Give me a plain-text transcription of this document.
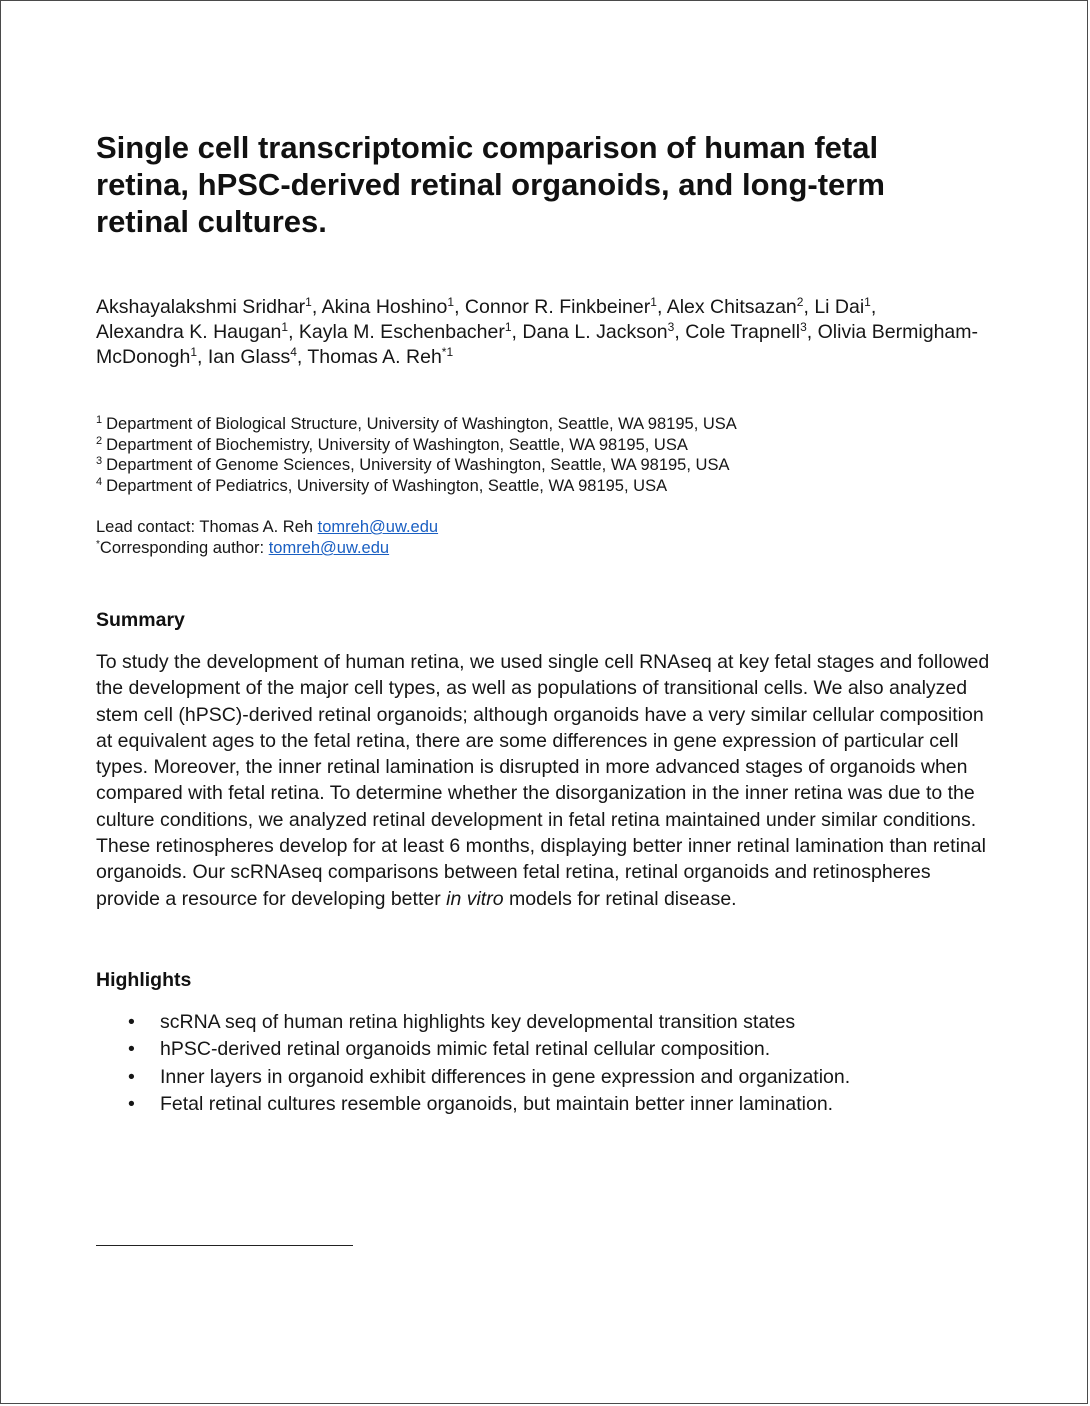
Single cell transcriptomic comparison of human fetal retina, hPSC-derived retinal organoids, and long-term retinal cultures.
Akshayalakshmi Sridhar$^1$, Akina Hoshino$^1$, Connor R. Finkbeiner$^1$, Alex Chitsazan$^2$, Li Dai$^1$,
Alexandra K. Haugan$^1$, Kayla M. Eschenbacher$^1$, Dana L. Jackson$^3$, Cole Trapnell$^3$, Olivia Bermigham-McDonogh$^1$, Ian Glass$^4$, Thomas A. Reh$^{*1}$
$^1$ Department of Biological Structure, University of Washington, Seattle, WA 98195, USA
$^2$ Department of Biochemistry, University of Washington, Seattle, WA 98195, USA
$^3$ Department of Genome Sciences, University of Washington, Seattle, WA 98195, USA
$^4$ Department of Pediatrics, University of Washington, Seattle, WA 98195, USA
Lead contact: Thomas A. Reh tomreh@uw.edu
*Corresponding author: tomreh@uw.edu
Summary

To study the development of human retina, we used single cell RNAseq at key fetal stages and followed the development of the major cell types, as well as populations of transitional cells. We also analyzed stem cell (hPSC)-derived retinal organoids; although organoids have a very similar cellular composition at equivalent ages to the fetal retina, there are some differences in gene expression of particular cell types. Moreover, the inner retinal lamination is disrupted in more advanced stages of organoids when compared with fetal retina. To determine whether the disorganization in the inner retina was due to the culture conditions, we analyzed retinal development in fetal retina maintained under similar conditions. These retinospheres develop for at least 6 months, displaying better inner retinal lamination than retinal organoids. Our scRNAseq comparisons between fetal retina, retinal organoids and retinospheres provide a resource for developing better in vitro models for retinal disease.

Highlights
• scRNA seq of human retina highlights key developmental transition states
• hPSC-derived retinal organoids mimic fetal retinal cellular composition.
• Inner layers in organoid exhibit differences in gene expression and organization.
• Fetal retinal cultures resemble organoids, but maintain better inner lamination.
